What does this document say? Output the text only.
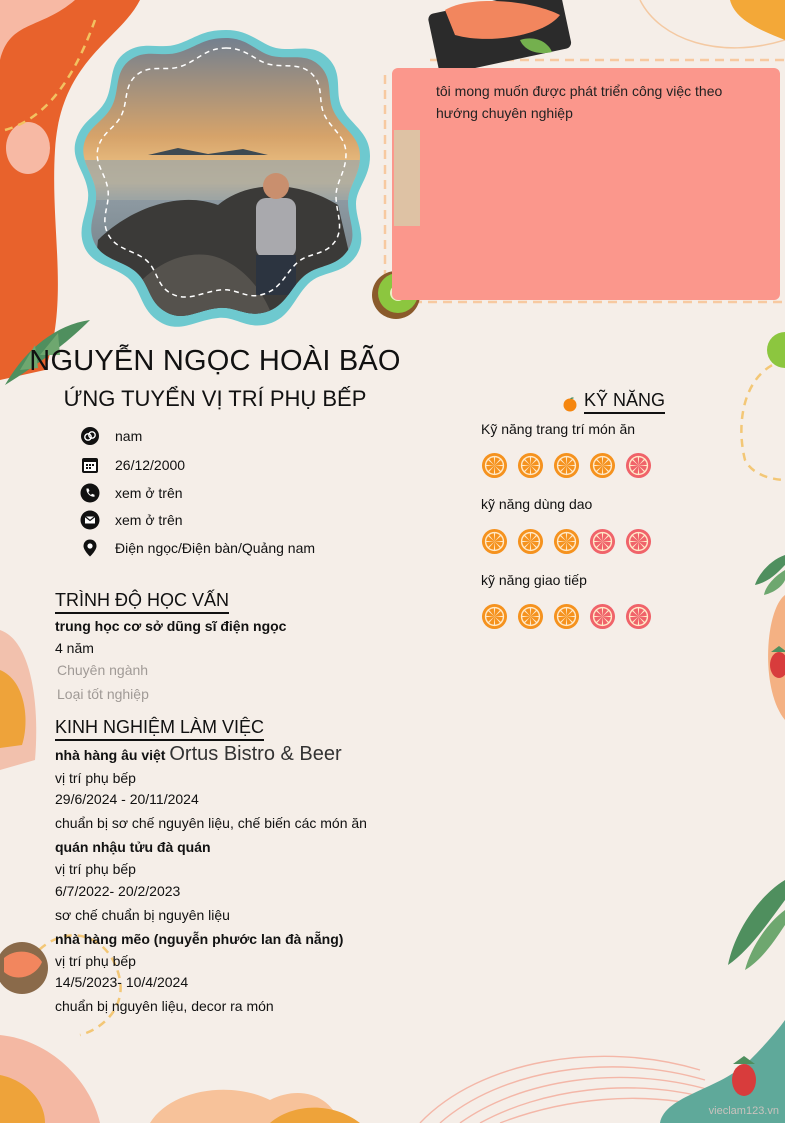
tôi mong muốn được phát triển công việc theo hướng chuyên nghiệp
NGUYỄN NGỌC HOÀI BÃO
ỨNG TUYỂN VỊ TRÍ PHỤ BẾP
nam
26/12/2000
xem ở trên
xem ở trên
Điện ngọc/Điện bàn/Quảng nam
TRÌNH ĐỘ HỌC VẤN
trung học cơ sở dũng sĩ điện ngọc
4 năm
Chuyên ngành
Loại tốt nghiệp
KINH NGHIỆM LÀM VIỆC
nhà hàng âu việt Ortus Bistro & Beer
vị trí phụ bếp
29/6/2024 - 20/11/2024
chuẩn bị sơ chế nguyên liệu, chế biến các món ăn
quán nhậu tửu đà quán
vị trí phụ bếp
6/7/2022- 20/2/2023
sơ chế chuẩn bị nguyên liệu
nhà hàng mẽo (nguyễn phước lan đà nẵng)
vị trí phụ bếp
14/5/2023- 10/4/2024
chuẩn bị nguyên liệu, decor ra món
KỸ NĂNG
Kỹ năng trang trí món ăn
kỹ năng dùng dao
kỹ năng giao tiếp
vieclam123.vn
